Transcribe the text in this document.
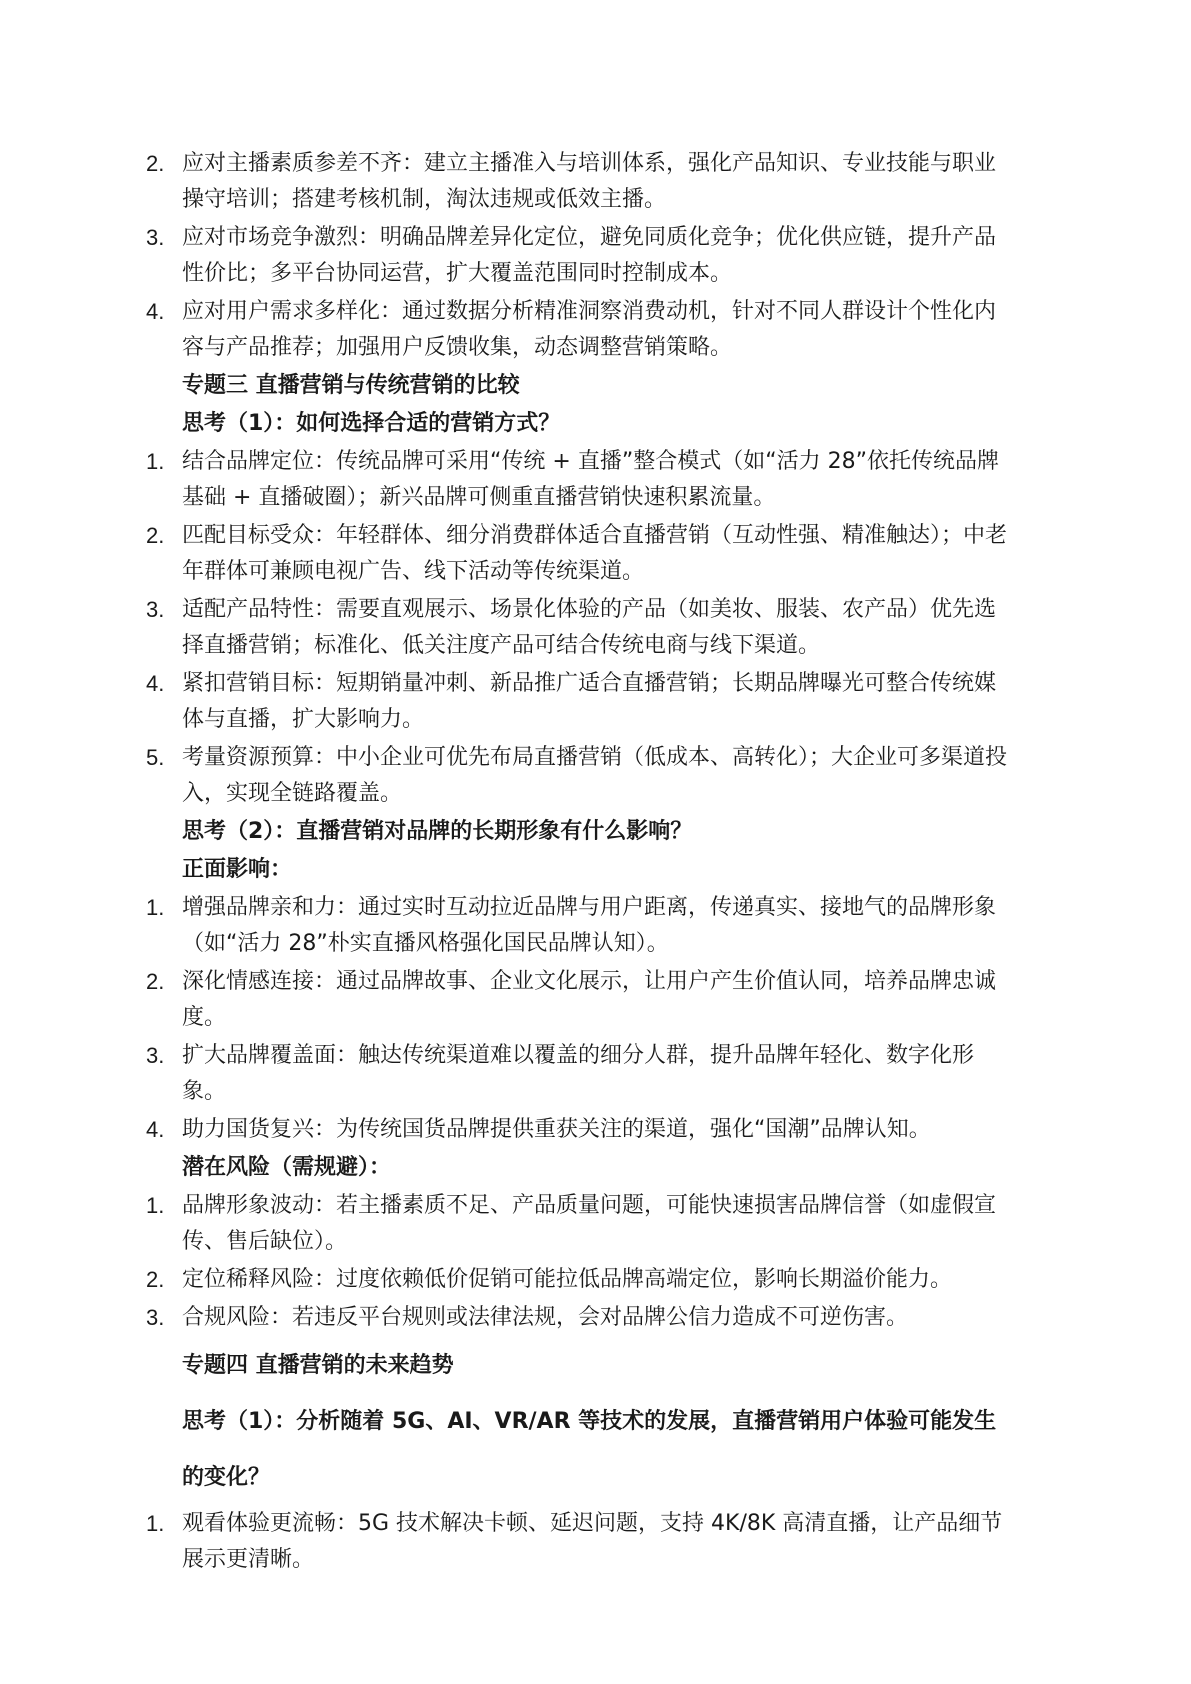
2. 应对主播素质参差不齐：建立主播准入与培训体系，强化产品知识、专业技能与职业操守培训；搭建考核机制，淘汰违规或低效主播。
3. 应对市场竞争激烈：明确品牌差异化定位，避免同质化竞争；优化供应链，提升产品性价比；多平台协同运营，扩大覆盖范围同时控制成本。
4. 应对用户需求多样化：通过数据分析精准洞察消费动机，针对不同人群设计个性化内容与产品推荐；加强用户反馈收集，动态调整营销策略。
专题三 直播营销与传统营销的比较
思考（1）：如何选择合适的营销方式？
1. 结合品牌定位：传统品牌可采用“传统 + 直播”整合模式（如“活力 28”依托传统品牌基础 + 直播破圈）；新兴品牌可侧重直播营销快速积累流量。
2. 匹配目标受众：年轻群体、细分消费群体适合直播营销（互动性强、精准触达）；中老年群体可兼顾电视广告、线下活动等传统渠道。
3. 适配产品特性：需要直观展示、场景化体验的产品（如美妆、服装、农产品）优先选择直播营销；标准化、低关注度产品可结合传统电商与线下渠道。
4. 紧扣营销目标：短期销量冲刺、新品推广适合直播营销；长期品牌曝光可整合传统媒体与直播，扩大影响力。
5. 考量资源预算：中小企业可优先布局直播营销（低成本、高转化）；大企业可多渠道投入，实现全链路覆盖。
思考（2）：直播营销对品牌的长期形象有什么影响？
正面影响：
1. 增强品牌亲和力：通过实时互动拉近品牌与用户距离，传递真实、接地气的品牌形象（如“活力 28”朴实直播风格强化国民品牌认知）。
2. 深化情感连接：通过品牌故事、企业文化展示，让用户产生价值认同，培养品牌忠诚度。
3. 扩大品牌覆盖面：触达传统渠道难以覆盖的细分人群，提升品牌年轻化、数字化形象。
4. 助力国货复兴：为传统国货品牌提供重获关注的渠道，强化“国潮”品牌认知。
潜在风险（需规避）：
1. 品牌形象波动：若主播素质不足、产品质量问题，可能快速损害品牌信誉（如虚假宣传、售后缺位）。
2. 定位稀释风险：过度依赖低价促销可能拉低品牌高端定位，影响长期溢价能力。
3. 合规风险：若违反平台规则或法律法规，会对品牌公信力造成不可逆伤害。
专题四 直播营销的未来趋势
思考（1）：分析随着 5G、AI、VR/AR 等技术的发展，直播营销用户体验可能发生
的变化？
1. 观看体验更流畅：5G 技术解决卡顿、延迟问题，支持 4K/8K 高清直播，让产品细节展示更清晰。
